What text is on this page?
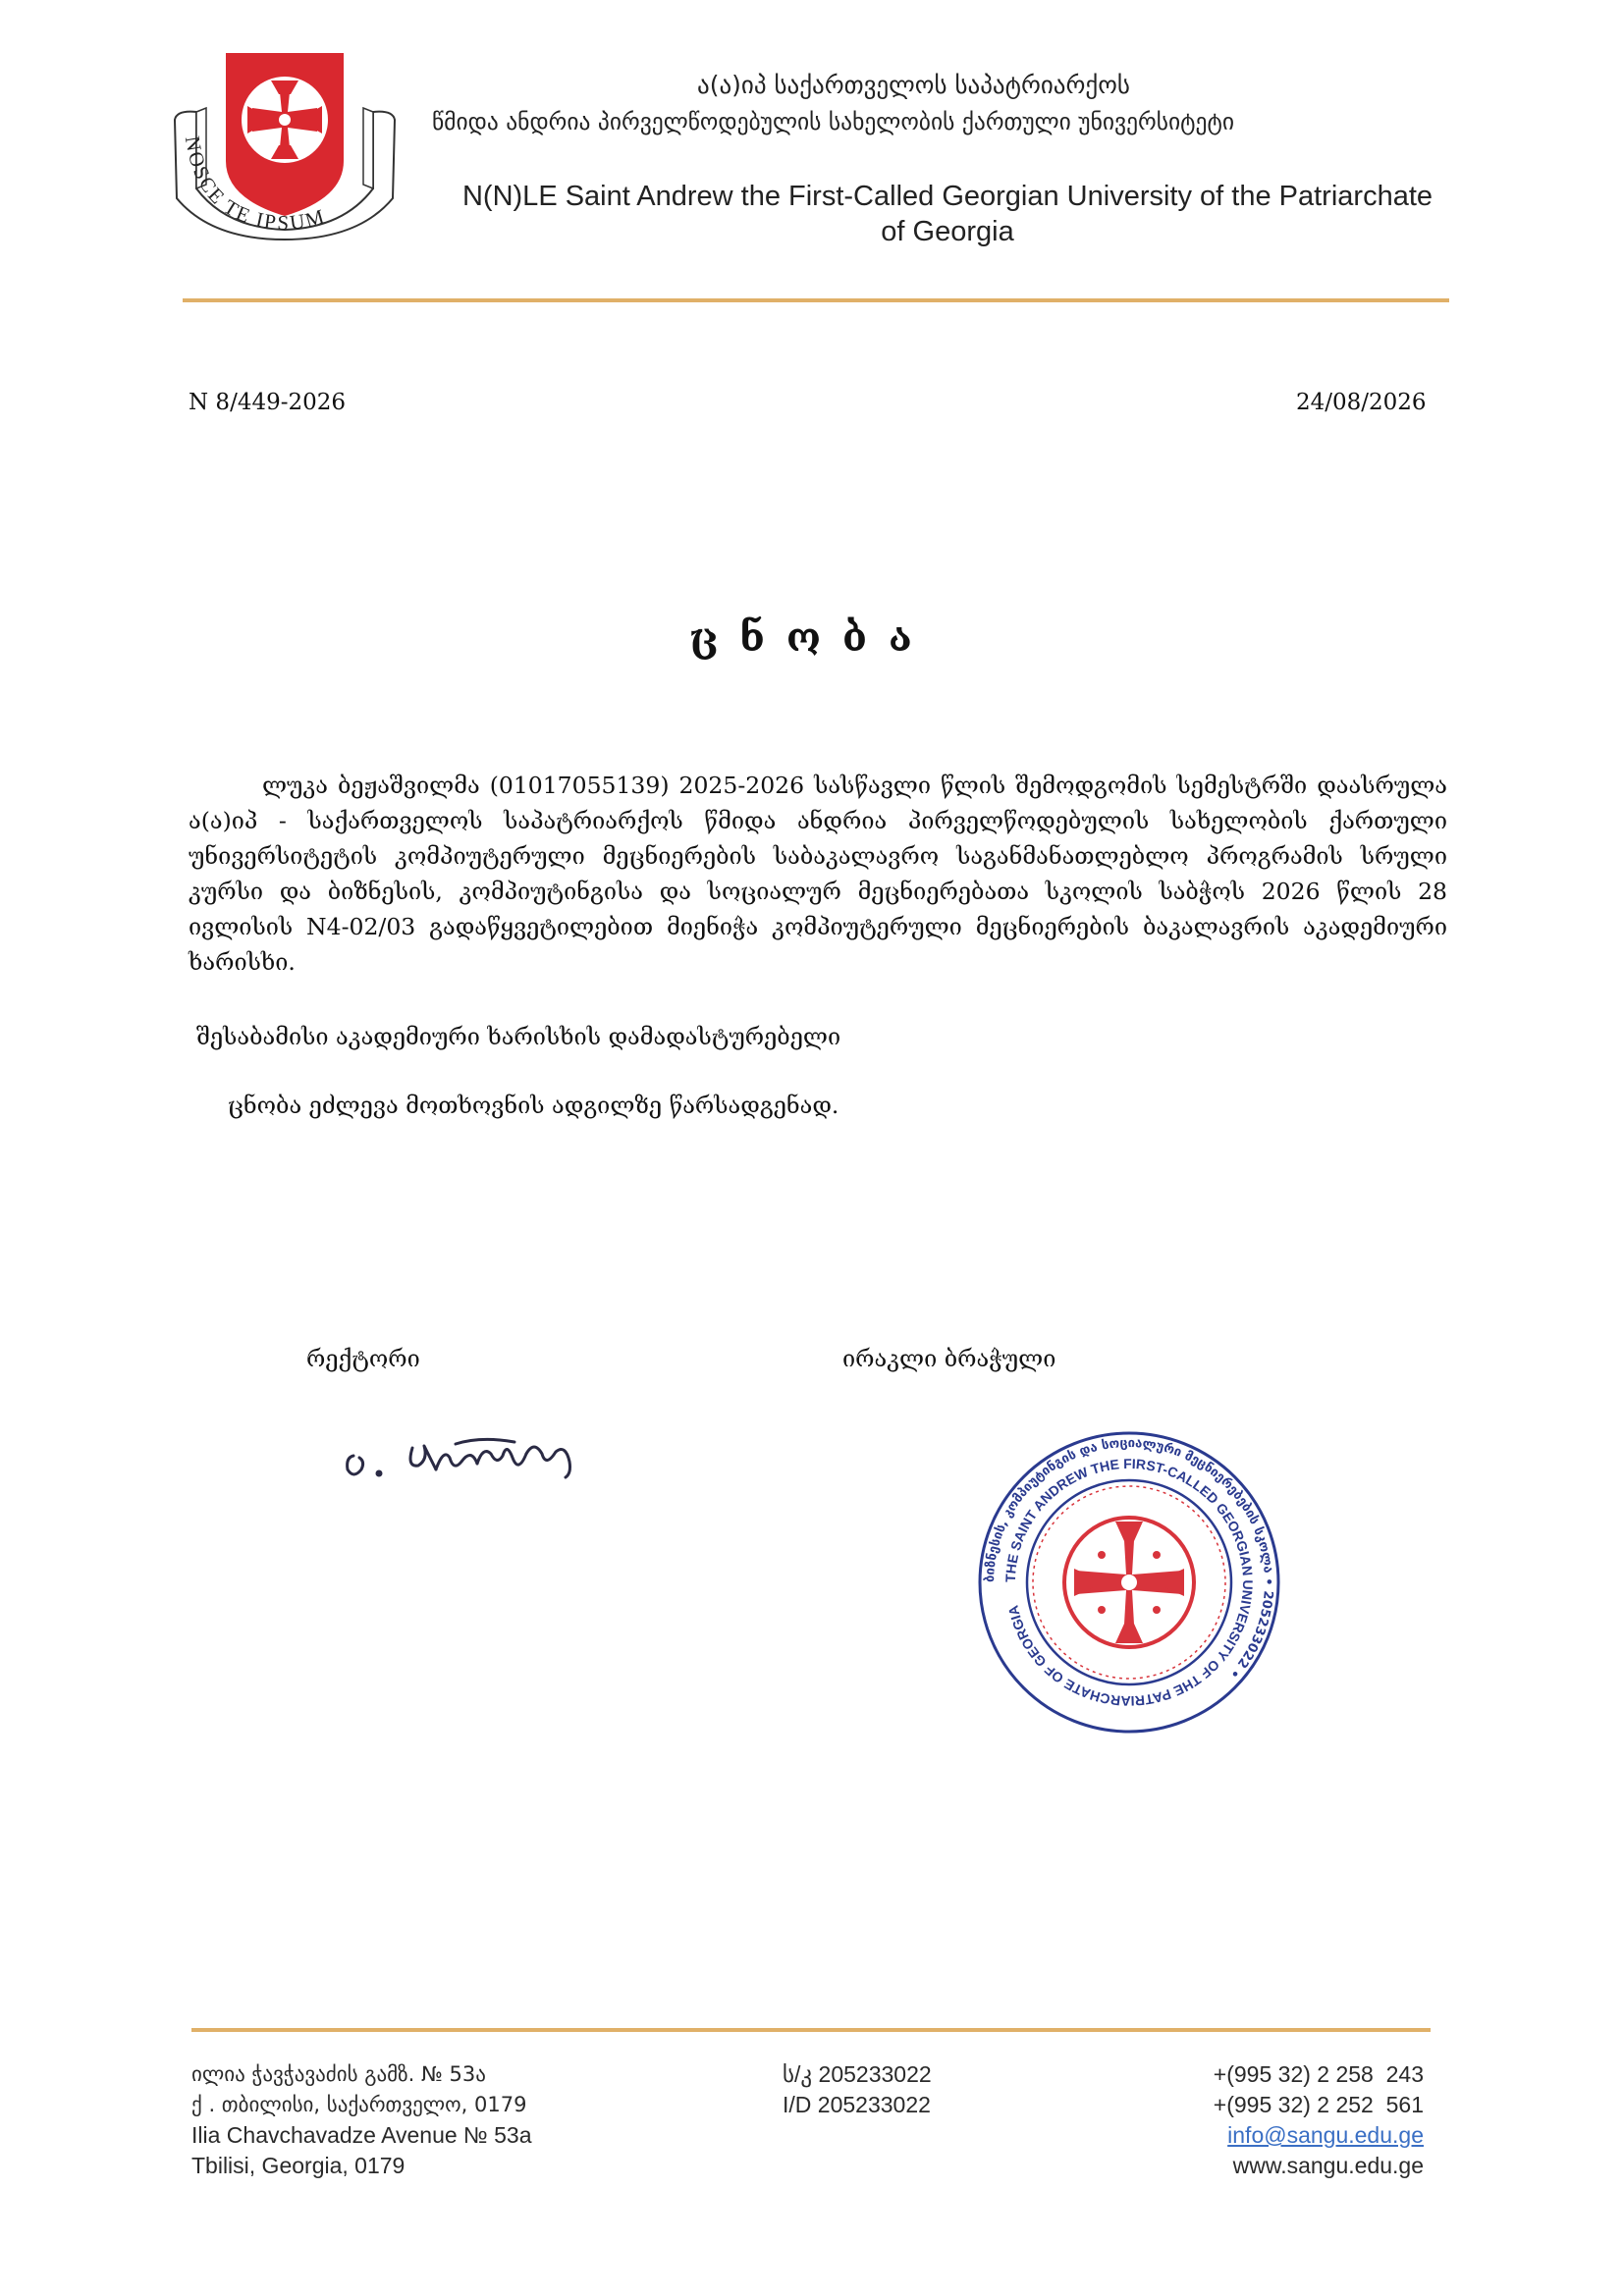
NOSCE TE IPSUM
ა(ა)იპ საქართველოს საპატრიარქოს
წმიდა ანდრია პირველწოდებულის სახელობის ქართული უნივერსიტეტი
N(N)LE Saint Andrew the First-Called Georgian University of the Patriarchate
of Georgia
N 8/449-2026	24/08/2026
ცნობა
ლუკა ბეჟაშვილმა (01017055139) 2025-2026 სასწავლი წლის შემოდგომის სემესტრში დაასრულა ა(ა)იპ - საქართველოს საპატრიარქოს წმიდა ანდრია პირველწოდებულის სახელობის ქართული უნივერსიტეტის კომპიუტერული მეცნიერების საბაკალავრო საგანმანათლებლო პროგრამის სრული კურსი და ბიზნესის, კომპიუტინგისა და სოციალურ მეცნიერებათა სკოლის საბჭოს 2026 წლის 28 ივლისის N4-02/03 გადაწყვეტილებით მიენიჭა კომპიუტერული მეცნიერების ბაკალავრის აკადემიური ხარისხი.
შესაბამისი აკადემიური ხარისხის დამადასტურებელი
ცნობა ეძლევა მოთხოვნის ადგილზე წარსადგენად.
რექტორი	ირაკლი ბრაჭული
ბიზნესის, კომპიუტინგის და სოციალური მეცნიერებების სკოლა • 205233022 •
THE SAINT ANDREW THE FIRST-CALLED GEORGIAN UNIVERSITY OF THE PATRIARCHATE OF GEORGIA
ილია ჭავჭავაძის გამზ. № 53ა
ქ . თბილისი, საქართველო, 0179
Ilia Chavchavadze Avenue № 53a
Tbilisi, Georgia, 0179
ს/კ 205233022
I/D 205233022
+(995 32) 2 258  243
+(995 32) 2 252  561
info@sangu.edu.ge
www.sangu.edu.ge
